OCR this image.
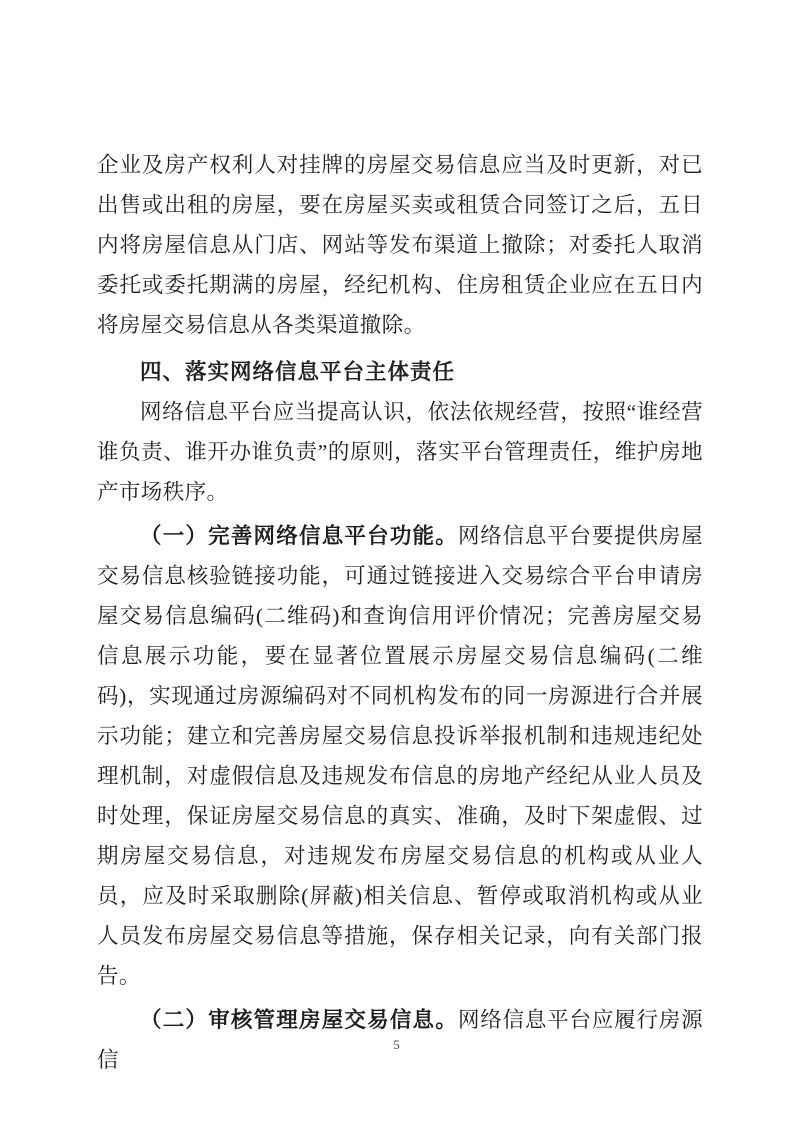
企业及房产权利人对挂牌的房屋交易信息应当及时更新，对已出售或出租的房屋，要在房屋买卖或租赁合同签订之后，五日内将房屋信息从门店、网站等发布渠道上撤除；对委托人取消委托或委托期满的房屋，经纪机构、住房租赁企业应在五日内将房屋交易信息从各类渠道撤除。

四、落实网络信息平台主体责任

网络信息平台应当提高认识，依法依规经营，按照“谁经营谁负责、谁开办谁负责”的原则，落实平台管理责任，维护房地产市场秩序。

（一）完善网络信息平台功能。网络信息平台要提供房屋交易信息核验链接功能，可通过链接进入交易综合平台申请房屋交易信息编码(二维码)和查询信用评价情况；完善房屋交易信息展示功能，要在显著位置展示房屋交易信息编码(二维码)，实现通过房源编码对不同机构发布的同一房源进行合并展示功能；建立和完善房屋交易信息投诉举报机制和违规违纪处理机制，对虚假信息及违规发布信息的房地产经纪从业人员及时处理，保证房屋交易信息的真实、准确，及时下架虚假、过期房屋交易信息，对违规发布房屋交易信息的机构或从业人员，应及时采取删除(屏蔽)相关信息、暂停或取消机构或从业人员发布房屋交易信息等措施，保存相关记录，向有关部门报告。

（二）审核管理房屋交易信息。网络信息平台应履行房源信

5
